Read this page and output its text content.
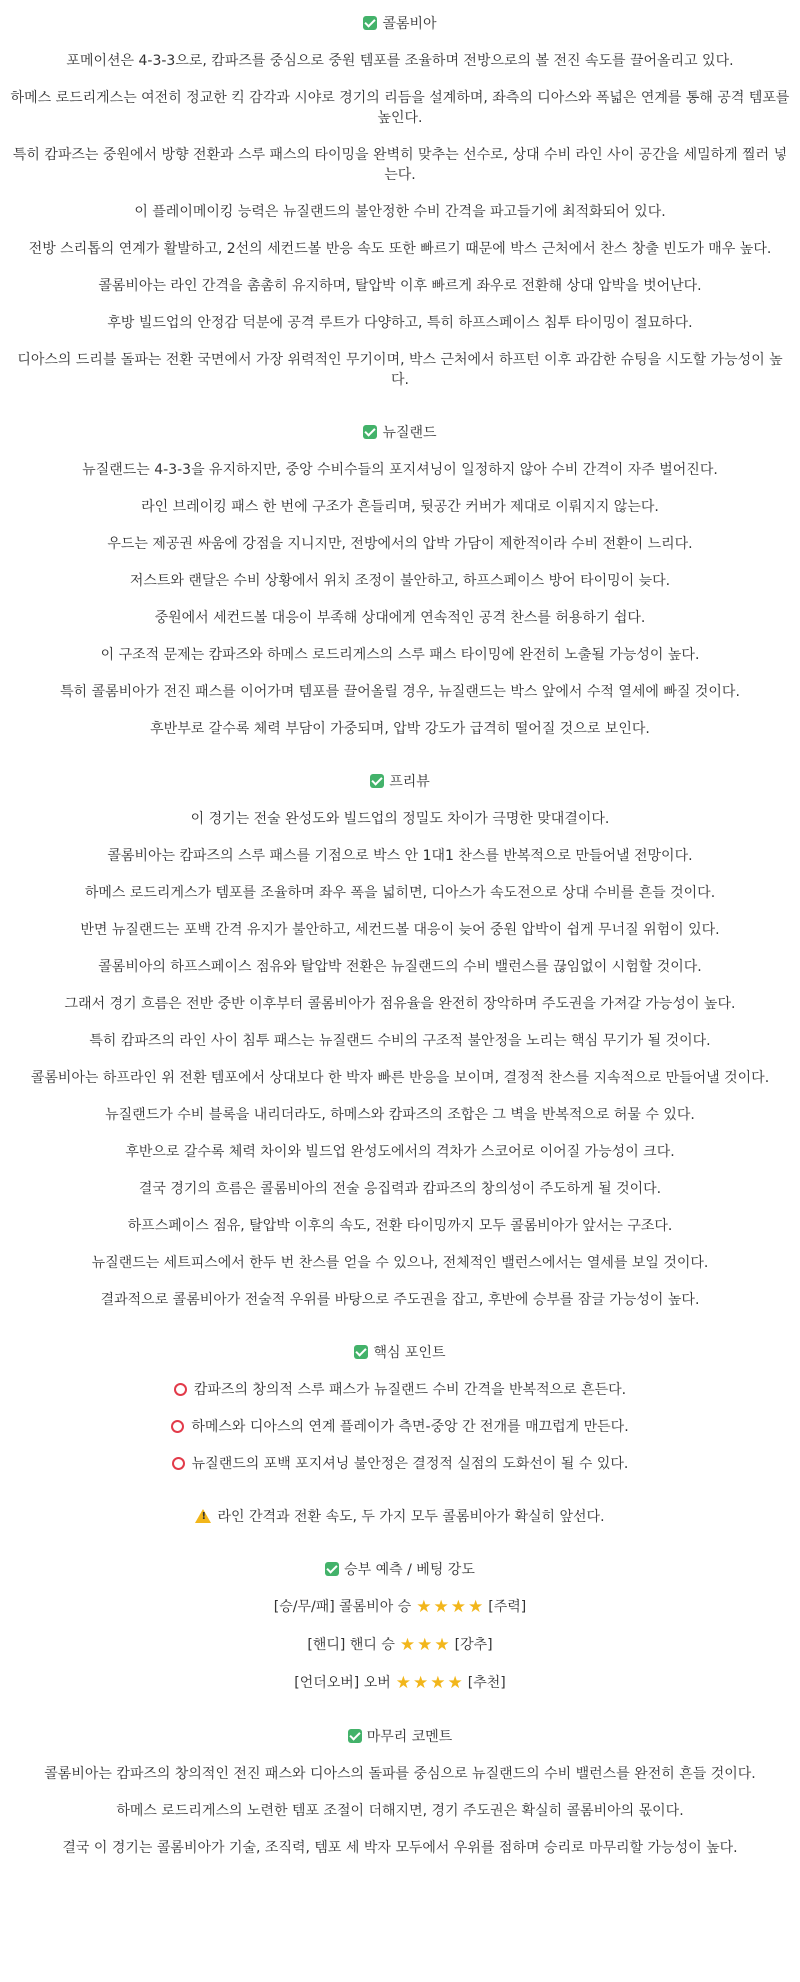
콜롬비아

포메이션은 4-3-3으로, 캄파즈를 중심으로 중원 템포를 조율하며 전방으로의 볼 전진 속도를 끌어올리고 있다.

하메스 로드리게스는 여전히 정교한 킥 감각과 시야로 경기의 리듬을 설계하며, 좌측의 디아스와 폭넓은 연계를 통해 공격 템포를 높인다.

특히 캄파즈는 중원에서 방향 전환과 스루 패스의 타이밍을 완벽히 맞추는 선수로, 상대 수비 라인 사이 공간을 세밀하게 찔러 넣는다.

이 플레이메이킹 능력은 뉴질랜드의 불안정한 수비 간격을 파고들기에 최적화되어 있다.

전방 스리톱의 연계가 활발하고, 2선의 세컨드볼 반응 속도 또한 빠르기 때문에 박스 근처에서 찬스 창출 빈도가 매우 높다.

콜롬비아는 라인 간격을 촘촘히 유지하며, 탈압박 이후 빠르게 좌우로 전환해 상대 압박을 벗어난다.

후방 빌드업의 안정감 덕분에 공격 루트가 다양하고, 특히 하프스페이스 침투 타이밍이 절묘하다.

디아스의 드리블 돌파는 전환 국면에서 가장 위력적인 무기이며, 박스 근처에서 하프턴 이후 과감한 슈팅을 시도할 가능성이 높다.

뉴질랜드

뉴질랜드는 4-3-3을 유지하지만, 중앙 수비수들의 포지셔닝이 일정하지 않아 수비 간격이 자주 벌어진다.

라인 브레이킹 패스 한 번에 구조가 흔들리며, 뒷공간 커버가 제대로 이뤄지지 않는다.

우드는 제공권 싸움에 강점을 지니지만, 전방에서의 압박 가담이 제한적이라 수비 전환이 느리다.

저스트와 랜달은 수비 상황에서 위치 조정이 불안하고, 하프스페이스 방어 타이밍이 늦다.

중원에서 세컨드볼 대응이 부족해 상대에게 연속적인 공격 찬스를 허용하기 쉽다.

이 구조적 문제는 캄파즈와 하메스 로드리게스의 스루 패스 타이밍에 완전히 노출될 가능성이 높다.

특히 콜롬비아가 전진 패스를 이어가며 템포를 끌어올릴 경우, 뉴질랜드는 박스 앞에서 수적 열세에 빠질 것이다.

후반부로 갈수록 체력 부담이 가중되며, 압박 강도가 급격히 떨어질 것으로 보인다.

프리뷰

이 경기는 전술 완성도와 빌드업의 정밀도 차이가 극명한 맞대결이다.

콜롬비아는 캄파즈의 스루 패스를 기점으로 박스 안 1대1 찬스를 반복적으로 만들어낼 전망이다.

하메스 로드리게스가 템포를 조율하며 좌우 폭을 넓히면, 디아스가 속도전으로 상대 수비를 흔들 것이다.

반면 뉴질랜드는 포백 간격 유지가 불안하고, 세컨드볼 대응이 늦어 중원 압박이 쉽게 무너질 위험이 있다.

콜롬비아의 하프스페이스 점유와 탈압박 전환은 뉴질랜드의 수비 밸런스를 끊임없이 시험할 것이다.

그래서 경기 흐름은 전반 중반 이후부터 콜롬비아가 점유율을 완전히 장악하며 주도권을 가져갈 가능성이 높다.

특히 캄파즈의 라인 사이 침투 패스는 뉴질랜드 수비의 구조적 불안정을 노리는 핵심 무기가 될 것이다.

콜롬비아는 하프라인 위 전환 템포에서 상대보다 한 박자 빠른 반응을 보이며, 결정적 찬스를 지속적으로 만들어낼 것이다.

뉴질랜드가 수비 블록을 내리더라도, 하메스와 캄파즈의 조합은 그 벽을 반복적으로 허물 수 있다.

후반으로 갈수록 체력 차이와 빌드업 완성도에서의 격차가 스코어로 이어질 가능성이 크다.

결국 경기의 흐름은 콜롬비아의 전술 응집력과 캄파즈의 창의성이 주도하게 될 것이다.

하프스페이스 점유, 탈압박 이후의 속도, 전환 타이밍까지 모두 콜롬비아가 앞서는 구조다.

뉴질랜드는 세트피스에서 한두 번 찬스를 얻을 수 있으나, 전체적인 밸런스에서는 열세를 보일 것이다.

결과적으로 콜롬비아가 전술적 우위를 바탕으로 주도권을 잡고, 후반에 승부를 잠글 가능성이 높다.

핵심 포인트

캄파즈의 창의적 스루 패스가 뉴질랜드 수비 간격을 반복적으로 흔든다.

하메스와 디아스의 연계 플레이가 측면-중앙 간 전개를 매끄럽게 만든다.

뉴질랜드의 포백 포지셔닝 불안정은 결정적 실점의 도화선이 될 수 있다.

!라인 간격과 전환 속도, 두 가지 모두 콜롬비아가 확실히 앞선다.

승부 예측 / 베팅 강도

[승/무/패] 콜롬비아 승 ★ ★ ★ ★ [주력]

[핸디] 핸디 승 ★ ★ ★ [강추]

[언더오버] 오버 ★ ★ ★ ★ [추천]

마무리 코멘트

콜롬비아는 캄파즈의 창의적인 전진 패스와 디아스의 돌파를 중심으로 뉴질랜드의 수비 밸런스를 완전히 흔들 것이다.

하메스 로드리게스의 노련한 템포 조절이 더해지면, 경기 주도권은 확실히 콜롬비아의 몫이다.

결국 이 경기는 콜롬비아가 기술, 조직력, 템포 세 박자 모두에서 우위를 점하며 승리로 마무리할 가능성이 높다.
